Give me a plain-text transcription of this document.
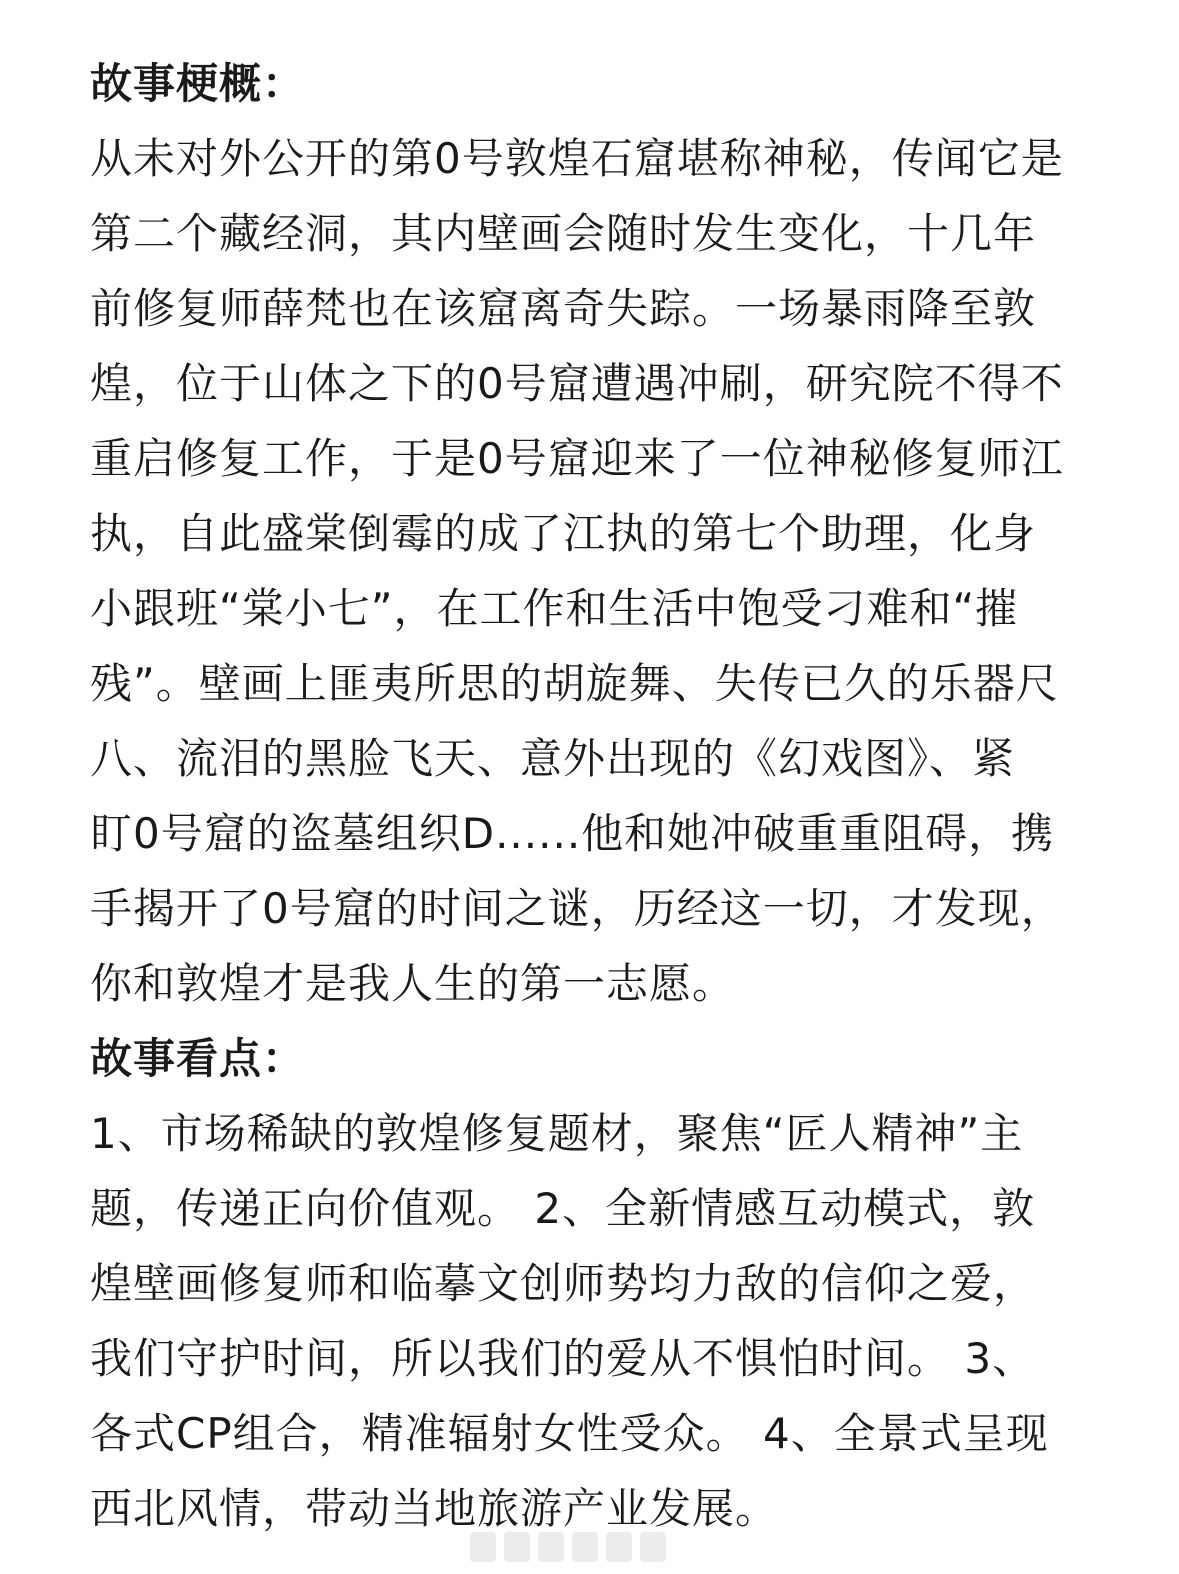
故事梗概：
从未对外公开的第0号敦煌石窟堪称神秘，传闻它是
第二个藏经洞，其内壁画会随时发生变化，十几年
前修复师薛梵也在该窟离奇失踪。一场暴雨降至敦
煌，位于山体之下的0号窟遭遇冲刷，研究院不得不
重启修复工作，于是0号窟迎来了一位神秘修复师江
执，自此盛棠倒霉的成了江执的第七个助理，化身
小跟班“棠小七”，在工作和生活中饱受刁难和“摧
残”。壁画上匪夷所思的胡旋舞、失传已久的乐器尺
八、流泪的黑脸飞天、意外出现的《幻戏图》、紧
盯0号窟的盗墓组织D......他和她冲破重重阻碍，携
手揭开了0号窟的时间之谜，历经这一切，才发现，
你和敦煌才是我人生的第一志愿。
故事看点：
1、市场稀缺的敦煌修复题材，聚焦“匠人精神”主
题，传递正向价值观。 2、全新情感互动模式，敦
煌壁画修复师和临摹文创师势均力敌的信仰之爱，
我们守护时间，所以我们的爱从不惧怕时间。 3、
各式CP组合，精准辐射女性受众。 4、全景式呈现
西北风情，带动当地旅游产业发展。
